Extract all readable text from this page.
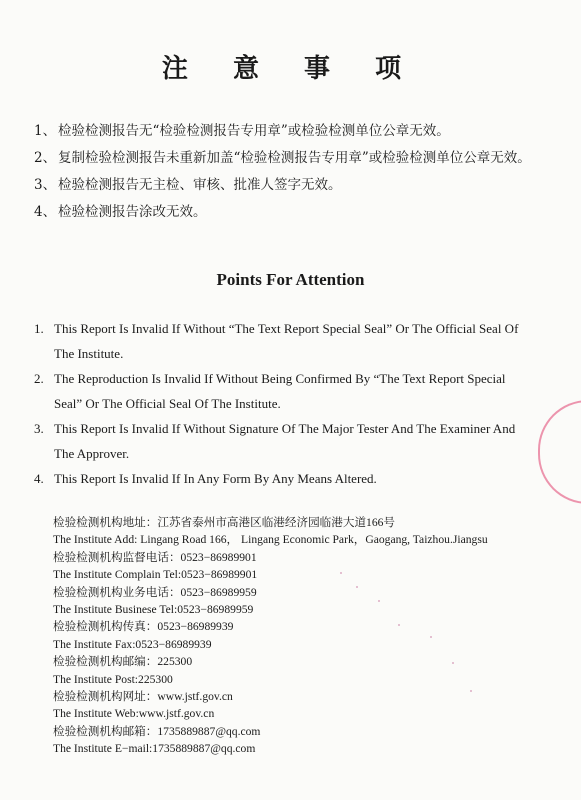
注 意 事 项
1、 检验检测报告无“检验检测报告专用章”或检验检测单位公章无效。
2、 复制检验检测报告未重新加盖“检验检测报告专用章”或检验检测单位公章无效。
3、 检验检测报告无主检、审核、批准人签字无效。
4、 检验检测报告涂改无效。
Points For Attention
1. This Report Is Invalid If Without “The Text Report Special Seal” Or The Official Seal Of The Institute.
2. The Reproduction Is Invalid If Without Being Confirmed By “The Text Report Special Seal” Or The Official Seal Of The Institute.
3. This Report Is Invalid If Without Signature Of The Major Tester And The Examiner And The Approver.
4. This Report Is Invalid If In Any Form By Any Means Altered.
检验检测机构地址：江苏省泰州市高港区临港经济园临港大道166号
The Institute Add: Lingang Road 166， Lingang Economic Park，Gaogang, Taizhou.Jiangsu
检验检测机构监督电话：0523−86989901
The Institute Complain Tel:0523−86989901
检验检测机构业务电话：0523−86989959
The Institute Businese Tel:0523−86989959
检验检测机构传真：0523−86989939
The Institute Fax:0523−86989939
检验检测机构邮编：225300
The Institute Post:225300
检验检测机构网址：www.jstf.gov.cn
The Institute Web:www.jstf.gov.cn
检验检测机构邮箱：1735889887@qq.com
The Institute E−mail:1735889887@qq.com
